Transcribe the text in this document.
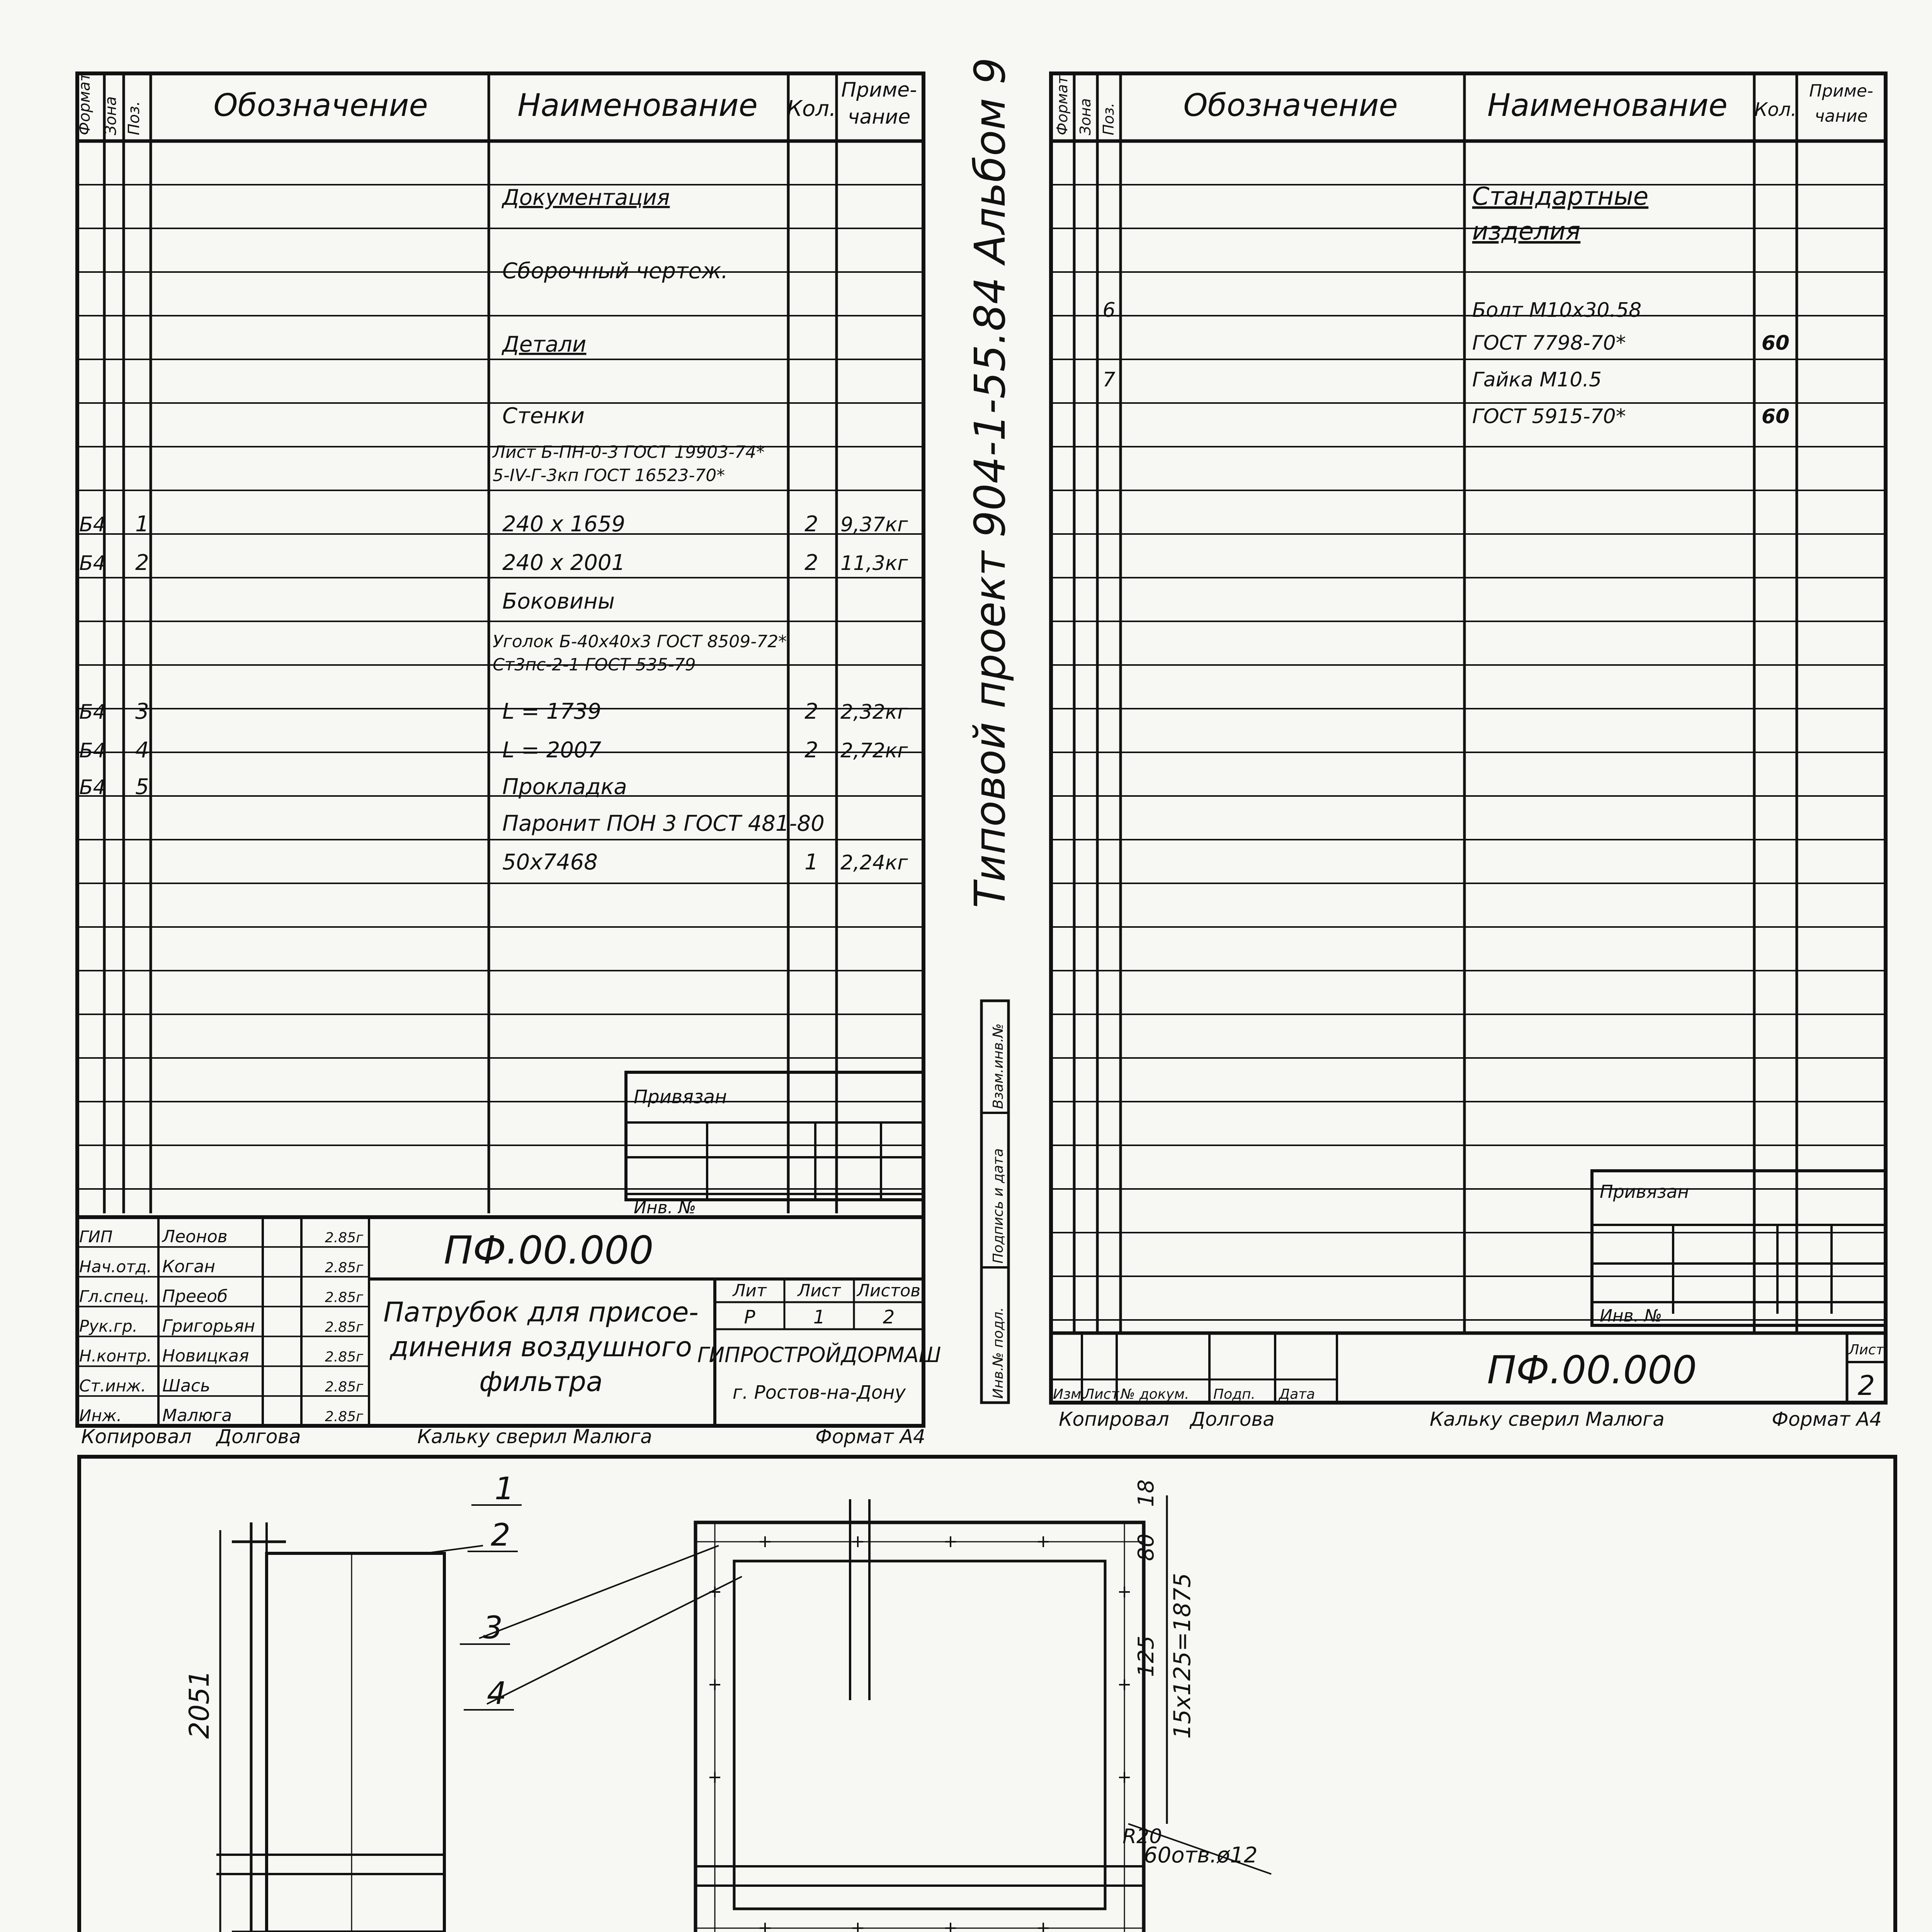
Формат Зона Поз. Обозначение	Наименование Кол.
Приме-
чание
Документация
Сборочный чертеж.
Детали
Стенки
Лист Б-ПН-0-3 ГОСТ 19903-74*
5-IV-Г-3кп ГОСТ 16523-70*
Б4 1	240 х 1659	2 9,37кг
Б4 2	240 х 2001	2 11,3кг
Боковины
Уголок Б-40х40х3 ГОСТ 8509-72*
Ст3пс-2-1 ГОСТ 535-79
Б4 3	L = 1739	2 2,32кг
Б4 4	L = 2007	2 2,72кг
Б4 5	Прокладка
Паронит ПОН 3 ГОСТ 481-80
50х7468	1 2,24кг
Привязан
Инв. №
ГИП	Леонов	2.85г
Нач.отд. Коган	2.85г
Гл.спец. Прееоб	2.85г
Рук.гр. Григорьян	2.85г
Н.контр. Новицкая	2.85г
Ст.инж. Шась	2.85г
Инж. Малюга	2.85г
ПФ.00.000
Патрубок для присое-
динения воздушного
фильтра
Лит Лист Листов
Р	1	2
ГИПРОСТРОЙДОРМАШ
г. Ростов-на-Дону
Копировал Долгова	Кальку сверил Малюга	Формат А4
Формат Зона Поз. Обозначение	Наименование Кол.
Приме-
чание
Стандартные
изделия
6	Болт М10х30.58
ГОСТ 7798-70*	60
7	Гайка М10.5
ГОСТ 5915-70*	60
Типовой проект 904-1-55.84 Альбом 9
Взам.инв.№
Подпись и дата
Инв.№ подл.
Привязан
Инв. №
ПФ.00.000	Лист
2
Изм.
Лист № докум. Подп. Дата
Копировал Долгова	Кальку сверил Малюга	Формат А4
2051
18
80
125 15х125=1875
R20
60отв.ø12
1
2
3
4
